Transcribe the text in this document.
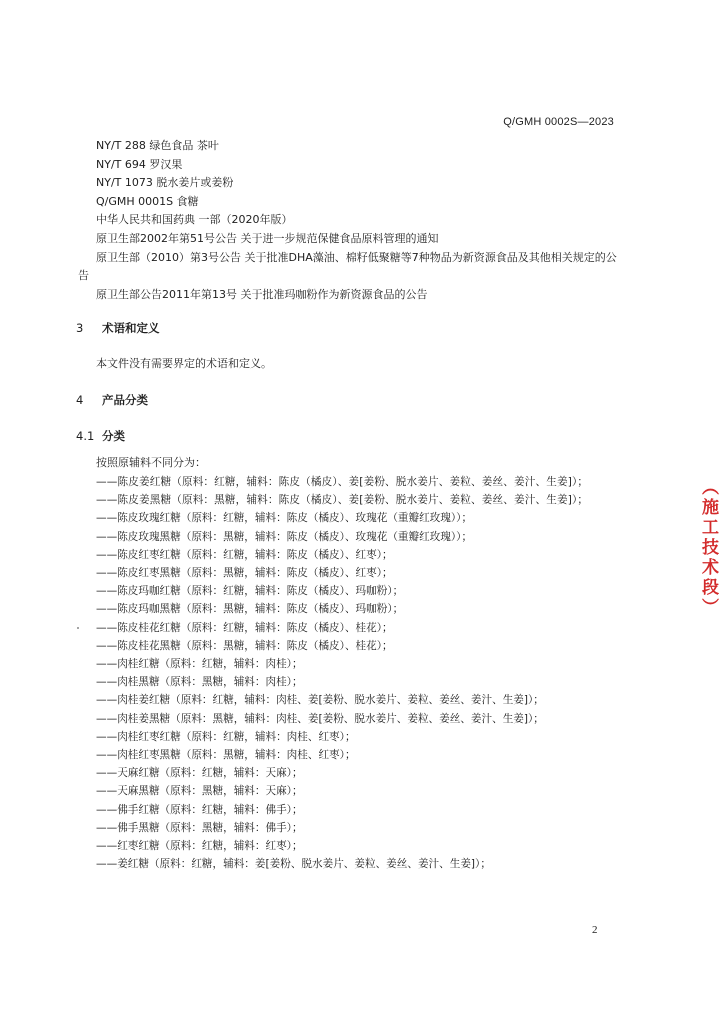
Q/GMH 0002S—2023
NY/T 288 绿色食品 茶叶
NY/T 694 罗汉果
NY/T 1073 脱水姜片或姜粉
Q/GMH 0001S 食糖
中华人民共和国药典 一部（2020年版）
原卫生部2002年第51号公告 关于进一步规范保健食品原料管理的通知
原卫生部（2010）第3号公告 关于批准DHA藻油、棉籽低聚糖等7种物品为新资源食品及其他相关规定的公告
原卫生部公告2011年第13号 关于批准玛咖粉作为新资源食品的公告
3 术语和定义
本文件没有需要界定的术语和定义。
4 产品分类
4.1 分类
按照原辅料不同分为：
——陈皮姜红糖（原料：红糖，辅料：陈皮（橘皮）、姜[姜粉、脱水姜片、姜粒、姜丝、姜汁、生姜]）；
——陈皮姜黑糖（原料：黑糖，辅料：陈皮（橘皮）、姜[姜粉、脱水姜片、姜粒、姜丝、姜汁、生姜]）；
——陈皮玫瑰红糖（原料：红糖，辅料：陈皮（橘皮）、玫瑰花（重瓣红玫瑰））；
——陈皮玫瑰黑糖（原料：黑糖，辅料：陈皮（橘皮）、玫瑰花（重瓣红玫瑰））；
——陈皮红枣红糖（原料：红糖，辅料：陈皮（橘皮）、红枣）；
——陈皮红枣黑糖（原料：黑糖，辅料：陈皮（橘皮）、红枣）；
——陈皮玛咖红糖（原料：红糖，辅料：陈皮（橘皮）、玛咖粉）；
——陈皮玛咖黑糖（原料：黑糖，辅料：陈皮（橘皮）、玛咖粉）；
——陈皮桂花红糖（原料：红糖，辅料：陈皮（橘皮）、桂花）；
——陈皮桂花黑糖（原料：黑糖，辅料：陈皮（橘皮）、桂花）；
——肉桂红糖（原料：红糖，辅料：肉桂）；
——肉桂黑糖（原料：黑糖，辅料：肉桂）；
——肉桂姜红糖（原料：红糖，辅料：肉桂、姜[姜粉、脱水姜片、姜粒、姜丝、姜汁、生姜]）；
——肉桂姜黑糖（原料：黑糖，辅料：肉桂、姜[姜粉、脱水姜片、姜粒、姜丝、姜汁、生姜]）；
——肉桂红枣红糖（原料：红糖，辅料：肉桂、红枣）；
——肉桂红枣黑糖（原料：黑糖，辅料：肉桂、红枣）；
——天麻红糖（原料：红糖，辅料：天麻）；
——天麻黑糖（原料：黑糖，辅料：天麻）；
——佛手红糖（原料：红糖，辅料：佛手）；
——佛手黑糖（原料：黑糖，辅料：佛手）；
——红枣红糖（原料：红糖，辅料：红枣）；
——姜红糖（原料：红糖，辅料：姜[姜粉、脱水姜片、姜粒、姜丝、姜汁、生姜]）；
（施工技术段）
2
